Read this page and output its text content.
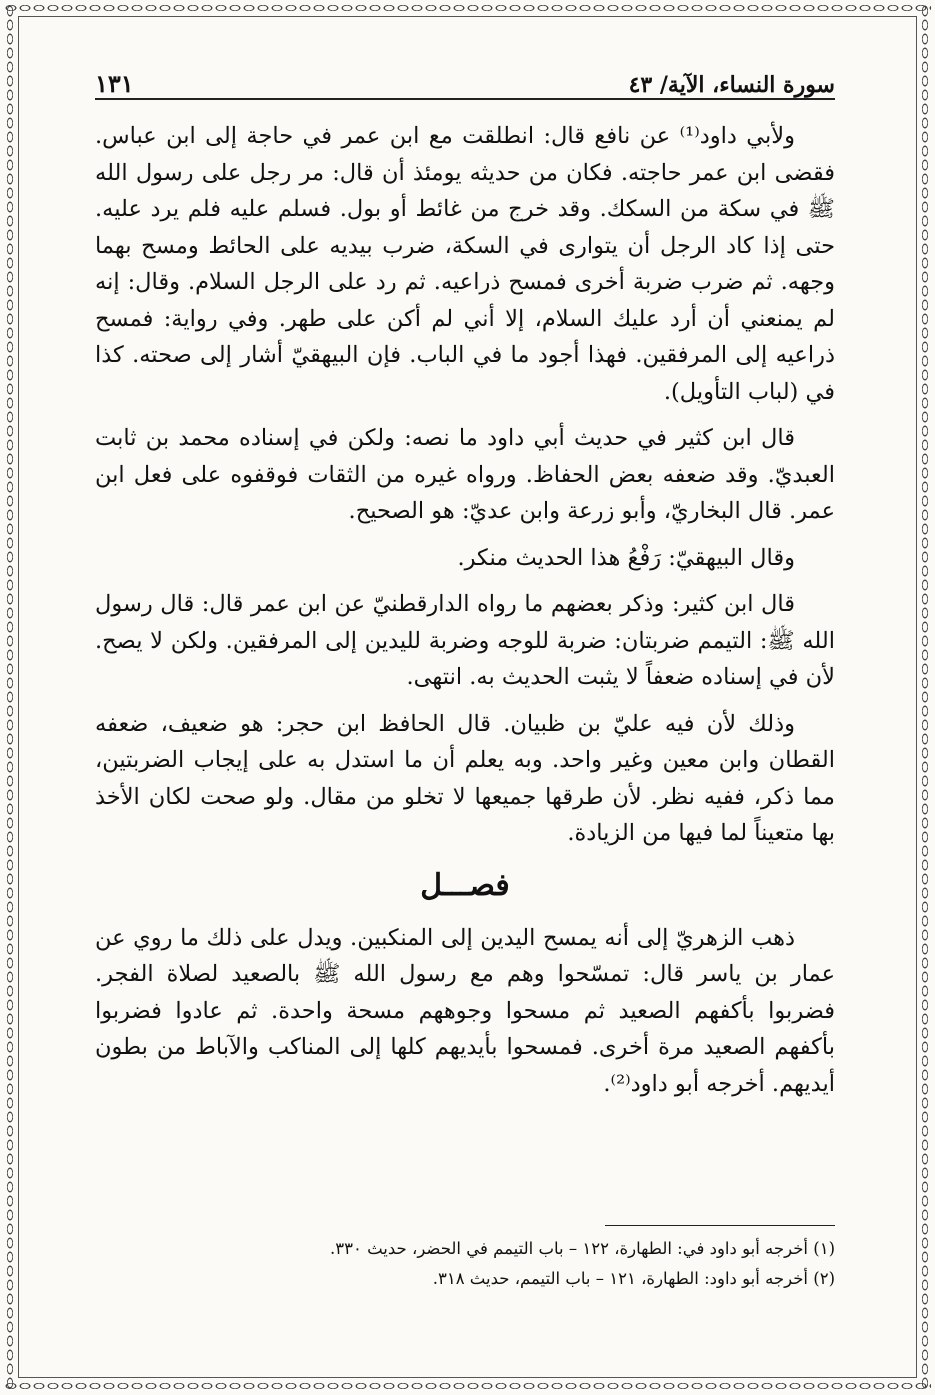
سورة النساء، الآية/ ٤٣
١٣١

ولأبي داود⁽¹⁾ عن نافع قال: انطلقت مع ابن عمر في حاجة إلى ابن عباس. فقضى ابن عمر حاجته. فكان من حديثه يومئذ أن قال: مر رجل على رسول الله ﷺ في سكة من السكك. وقد خرج من غائط أو بول. فسلم عليه فلم يرد عليه. حتى إذا كاد الرجل أن يتوارى في السكة، ضرب بيديه على الحائط ومسح بهما وجهه. ثم ضرب ضربة أخرى فمسح ذراعيه. ثم رد على الرجل السلام. وقال: إنه لم يمنعني أن أرد عليك السلام، إلا أني لم أكن على طهر. وفي رواية: فمسح ذراعيه إلى المرفقين. فهذا أجود ما في الباب. فإن البيهقيّ أشار إلى صحته. كذا في (لباب التأويل).

قال ابن كثير في حديث أبي داود ما نصه: ولكن في إسناده محمد بن ثابت العبديّ. وقد ضعفه بعض الحفاظ. ورواه غيره من الثقات فوقفوه على فعل ابن عمر. قال البخاريّ، وأبو زرعة وابن عديّ: هو الصحيح.

وقال البيهقيّ: رَفْعُ هذا الحديث منكر.

قال ابن كثير: وذكر بعضهم ما رواه الدارقطنيّ عن ابن عمر قال: قال رسول الله ﷺ: التيمم ضربتان: ضربة للوجه وضربة لليدين إلى المرفقين. ولكن لا يصح. لأن في إسناده ضعفاً لا يثبت الحديث به. انتهى.

وذلك لأن فيه عليّ بن ظبيان. قال الحافظ ابن حجر: هو ضعيف، ضعفه القطان وابن معين وغير واحد. وبه يعلم أن ما استدل به على إيجاب الضربتين، مما ذكر، ففيه نظر. لأن طرقها جميعها لا تخلو من مقال. ولو صحت لكان الأخذ بها متعيناً لما فيها من الزيادة.

فصـــل

ذهب الزهريّ إلى أنه يمسح اليدين إلى المنكبين. ويدل على ذلك ما روي عن عمار بن ياسر قال: تمسّحوا وهم مع رسول الله ﷺ بالصعيد لصلاة الفجر. فضربوا بأكفهم الصعيد ثم مسحوا وجوههم مسحة واحدة. ثم عادوا فضربوا بأكفهم الصعيد مرة أخرى. فمسحوا بأيديهم كلها إلى المناكب والآباط من بطون أيديهم. أخرجه أبو داود⁽²⁾.

(١) أخرجه أبو داود في: الطهارة، ١٢٢ – باب التيمم في الحضر، حديث ٣٣٠.

(٢) أخرجه أبو داود: الطهارة، ١٢١ – باب التيمم، حديث ٣١٨.
